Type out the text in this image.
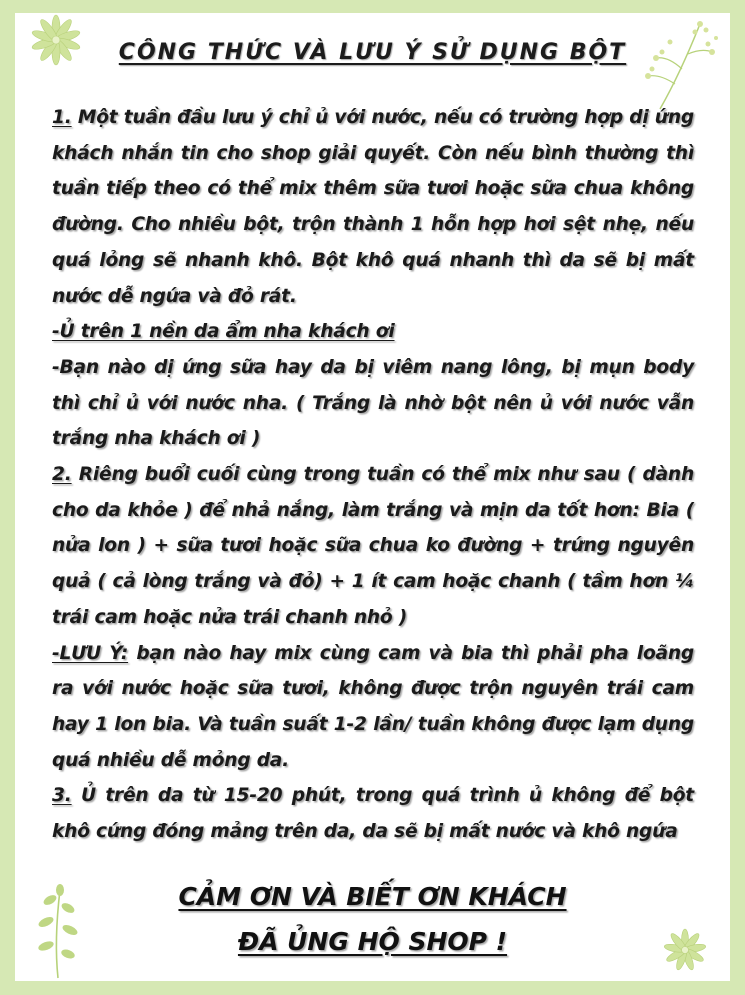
CÔNG THỨC VÀ LƯU Ý SỬ DỤNG BỘT

1. Một tuần đầu lưu ý chỉ ủ với nước, nếu có trường hợp dị ứng khách nhắn tin cho shop giải quyết. Còn nếu bình thường thì tuần tiếp theo có thể mix thêm sữa tươi hoặc sữa chua không đường. Cho nhiều bột, trộn thành 1 hỗn hợp hơi sệt nhẹ, nếu quá lỏng sẽ nhanh khô. Bột khô quá nhanh thì da sẽ bị mất nước dễ ngứa và đỏ rát.

-Ủ trên 1 nền da ẩm nha khách ơi

-Bạn nào dị ứng sữa hay da bị viêm nang lông, bị mụn body thì chỉ ủ với nước nha. ( Trắng là nhờ bột nên ủ với nước vẫn trắng nha khách ơi )

2. Riêng buổi cuối cùng trong tuần có thể mix như sau ( dành cho da khỏe ) để nhả nắng, làm trắng và mịn da tốt hơn: Bia ( nửa lon ) + sữa tươi hoặc sữa chua ko đường + trứng nguyên quả ( cả lòng trắng và đỏ) + 1 ít cam hoặc chanh ( tầm hơn ¼ trái cam hoặc nửa trái chanh nhỏ )

-LƯU Ý: bạn nào hay mix cùng cam và bia thì phải pha loãng ra với nước hoặc sữa tươi, không được trộn nguyên trái cam hay 1 lon bia. Và tuần suất 1-2 lần/ tuần không được lạm dụng quá nhiều dễ mỏng da.

3. Ủ trên da từ 15-20 phút, trong quá trình ủ không để bột khô cứng đóng mảng trên da, da sẽ bị mất nước và khô ngứa

CẢM ƠN VÀ BIẾT ƠN KHÁCH
ĐÃ ỦNG HỘ SHOP !
